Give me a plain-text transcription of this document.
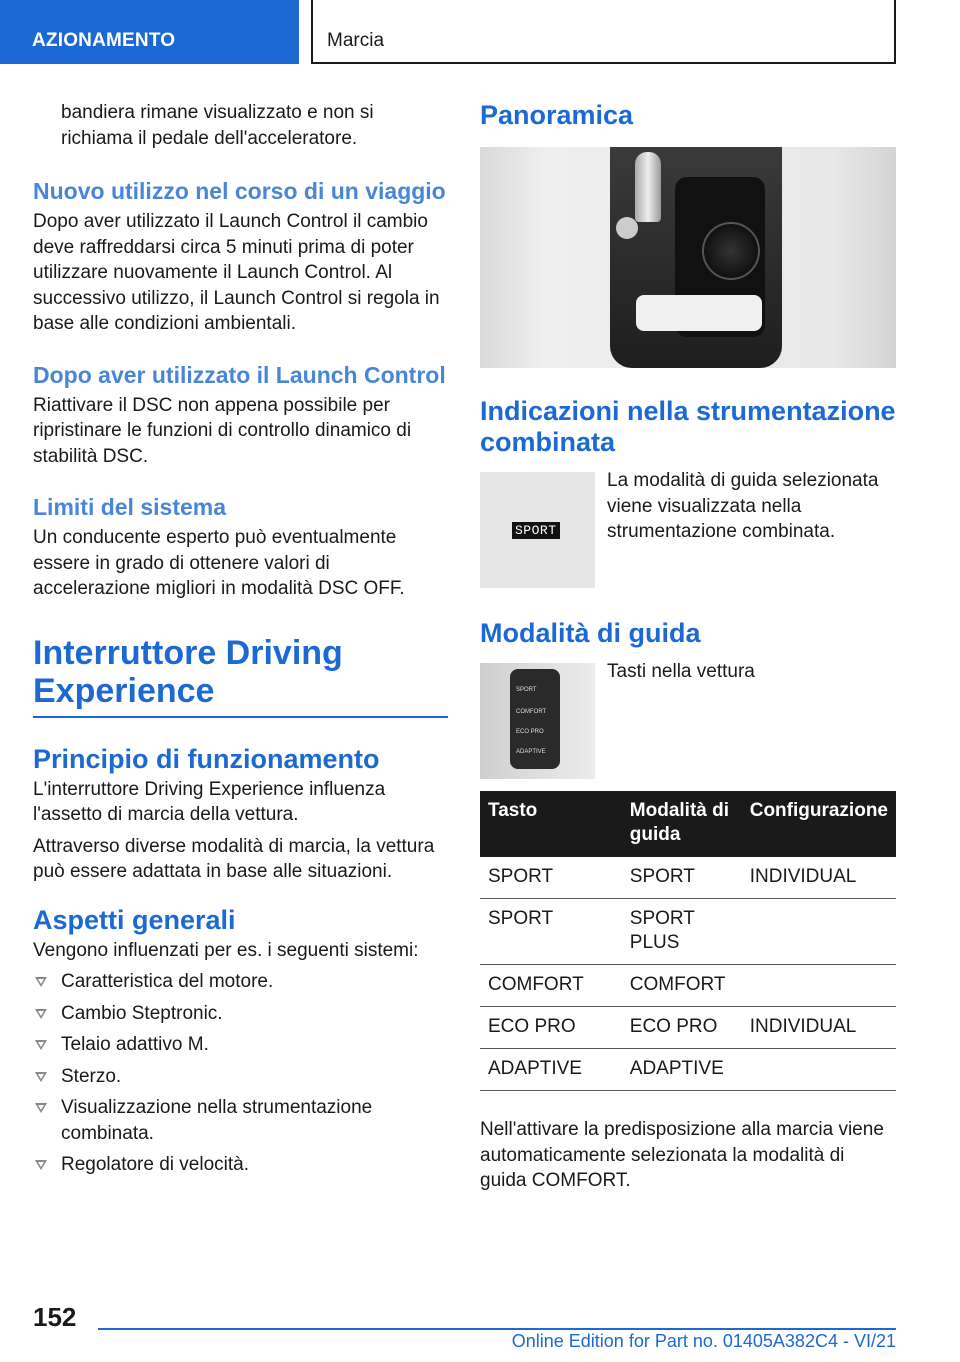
AZIONAMENTO	Marcia

bandiera rimane visualizzato e non si richiama il pedale dell'acceleratore.

Nuovo utilizzo nel corso di un viaggio

Dopo aver utilizzato il Launch Control il cambio deve raffreddarsi circa 5 minuti prima di poter utilizzare nuovamente il Launch Control. Al successivo utilizzo, il Launch Control si regola in base alle condizioni ambientali.

Dopo aver utilizzato il Launch Control

Riattivare il DSC non appena possibile per ripristinare le funzioni di controllo dinamico di stabilità DSC.

Limiti del sistema

Un conducente esperto può eventualmente essere in grado di ottenere valori di accelerazione migliori in modalità DSC OFF.

Interruttore Driving Experience
Principio di funzionamento

L'interruttore Driving Experience influenza l'assetto di marcia della vettura.

Attraverso diverse modalità di marcia, la vettura può essere adattata in base alle situazioni.

Aspetti generali

Vengono influenzati per es. i seguenti sistemi:

Caratteristica del motore.
Cambio Steptronic.
Telaio adattivo M.
Sterzo.
Visualizzazione nella strumentazione combinata.
Regolatore di velocità.
Panoramica
Indicazioni nella strumentazione combinata
SPORT

La modalità di guida selezionata viene visualizzata nella strumentazione combinata.

Modalità di guida
SPORT
COMFORT
ECO PRO
ADAPTIVE

Tasti nella vettura

Tasto	Modalità di guida	Configurazione
SPORT	SPORT	INDIVIDUAL
SPORT	SPORT PLUS	
COMFORT	COMFORT	
ECO PRO	ECO PRO	INDIVIDUAL
ADAPTIVE	ADAPTIVE	

Nell'attivare la predisposizione alla marcia viene automaticamente selezionata la modalità di guida COMFORT.

152
Online Edition for Part no. 01405A382C4 - VI/21
